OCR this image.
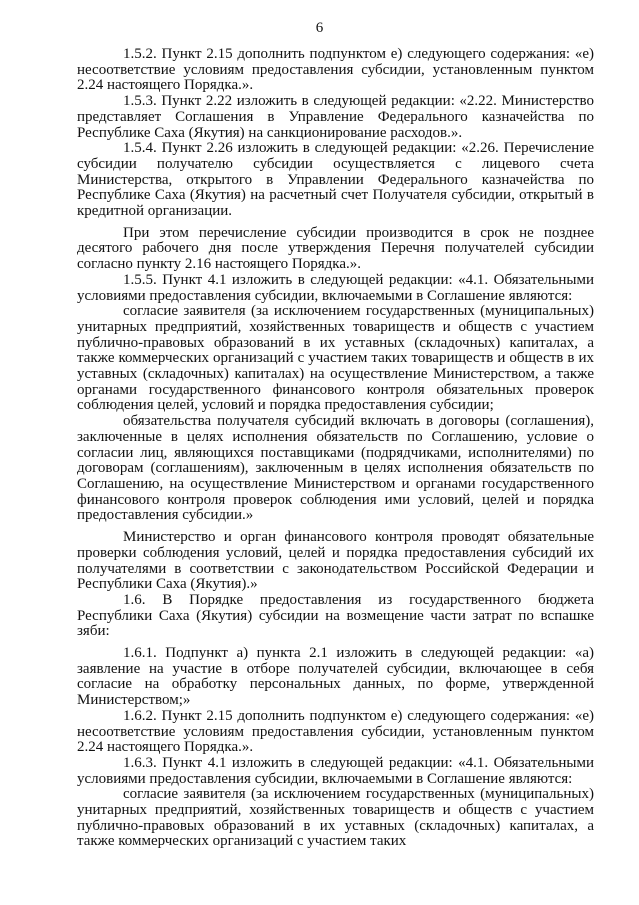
6

1.5.2. Пункт 2.15 дополнить подпунктом е) следующего содержания: «е) несоответствие условиям предоставления субсидии, установленным пунктом 2.24 настоящего Порядка.».

1.5.3. Пункт 2.22 изложить в следующей редакции: «2.22. Министерство представляет Соглашения в Управление Федерального казначейства по Республике Саха (Якутия) на санкционирование расходов.».

1.5.4. Пункт 2.26 изложить в следующей редакции: «2.26. Перечисление субсидии получателю субсидии осуществляется с лицевого счета Министерства, открытого в Управлении Федерального казначейства по Республике Саха (Якутия) на расчетный счет Получателя субсидии, открытый в кредитной организации.

При этом перечисление субсидии производится в срок не позднее десятого рабочего дня после утверждения Перечня получателей субсидии согласно пункту 2.16 настоящего Порядка.».

1.5.5. Пункт 4.1 изложить в следующей редакции: «4.1. Обязательными условиями предоставления субсидии, включаемыми в Соглашение являются:

согласие заявителя (за исключением государственных (муниципальных) унитарных предприятий, хозяйственных товариществ и обществ с участием публично-правовых образований в их уставных (складочных) капиталах, а также коммерческих организаций с участием таких товариществ и обществ в их уставных (складочных) капиталах) на осуществление Министерством, а также органами государственного финансового контроля обязательных проверок соблюдения целей, условий и порядка предоставления субсидии;

обязательства получателя субсидий включать в договоры (соглашения), заключенные в целях исполнения обязательств по Соглашению, условие о согласии лиц, являющихся поставщиками (подрядчиками, исполнителями) по договорам (соглашениям), заключенным в целях исполнения обязательств по Соглашению, на осуществление Министерством и органами государственного финансового контроля проверок соблюдения ими условий, целей и порядка предоставления субсидии.»

Министерство и орган финансового контроля проводят обязательные проверки соблюдения условий, целей и порядка предоставления субсидий их получателями в соответствии с законодательством Российской Федерации и Республики Саха (Якутия).»

1.6. В Порядке предоставления из государственного бюджета Республики Саха (Якутия) субсидии на возмещение части затрат по вспашке зяби:

1.6.1. Подпункт а) пункта 2.1 изложить в следующей редакции: «а) заявление на участие в отборе получателей субсидии, включающее в себя согласие на обработку персональных данных, по форме, утвержденной Министерством;»

1.6.2. Пункт 2.15 дополнить подпунктом е) следующего содержания: «е) несоответствие условиям предоставления субсидии, установленным пунктом 2.24 настоящего Порядка.».

1.6.3. Пункт 4.1 изложить в следующей редакции: «4.1. Обязательными условиями предоставления субсидии, включаемыми в Соглашение являются:

согласие заявителя (за исключением государственных (муниципальных) унитарных предприятий, хозяйственных товариществ и обществ с участием публично-правовых образований в их уставных (складочных) капиталах, а также коммерческих организаций с участием таких
